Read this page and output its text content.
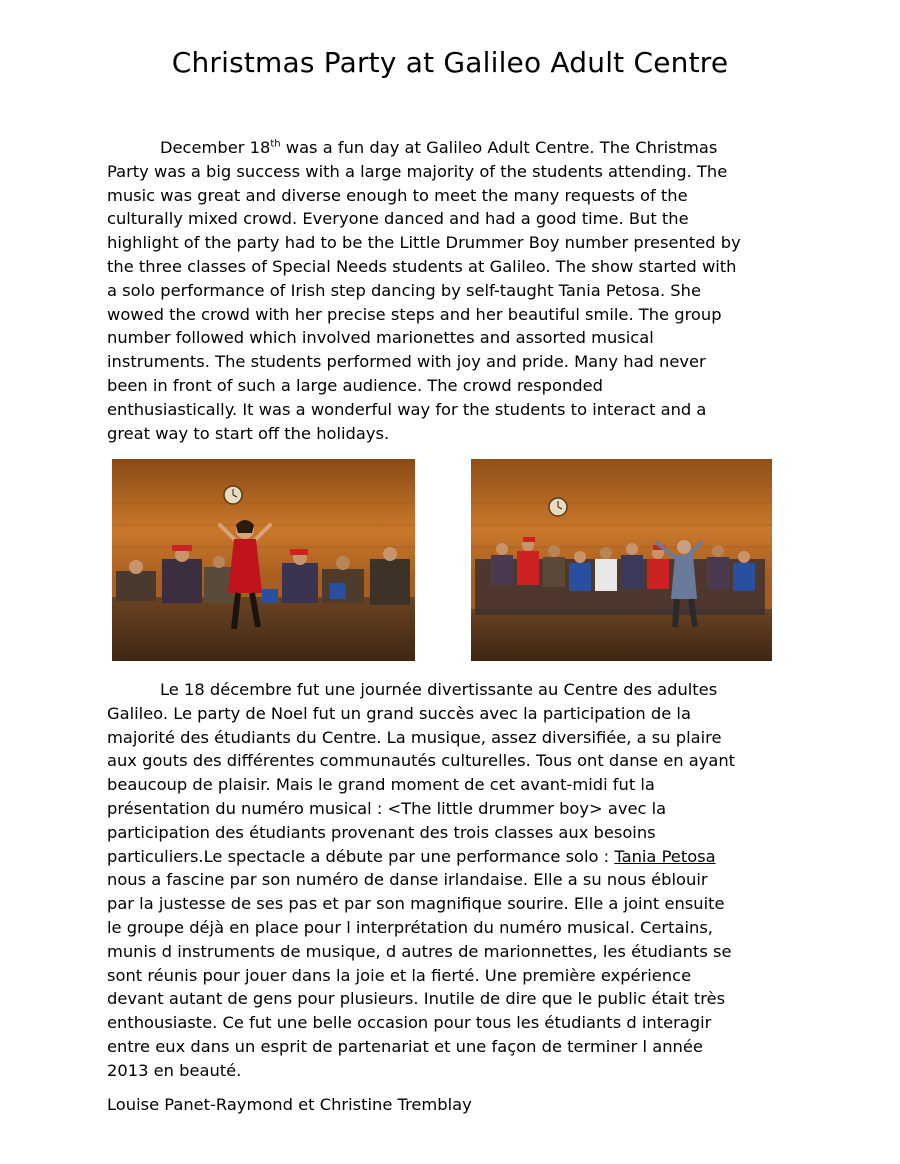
Christmas Party at Galileo Adult Centre
December 18th was a fun day at Galileo Adult Centre. The Christmas
Party was a big success with a large majority of the students attending. The
music was great and diverse enough to meet the many requests of the
culturally mixed crowd. Everyone danced and had a good time. But the
highlight of the party had to be the Little Drummer Boy number presented by
the three classes of Special Needs students at Galileo. The show started with
a solo performance of Irish step dancing by self-taught Tania Petosa. She
wowed the crowd with her precise steps and her beautiful smile. The group
number followed which involved marionettes and assorted musical
instruments. The students performed with joy and pride. Many had never
been in front of such a large audience. The crowd responded
enthusiastically. It was a wonderful way for the students to interact and a
great way to start off the holidays.
Le 18 décembre fut une journée divertissante au Centre des adultes
Galileo. Le party de Noel fut un grand succès avec la participation de la
majorité des étudiants du Centre. La musique, assez diversifiée, a su plaire
aux gouts des différentes communautés culturelles. Tous ont danse en ayant
beaucoup de plaisir. Mais le grand moment de cet avant-midi fut la
présentation du numéro musical : <The little drummer boy> avec la
participation des étudiants provenant des trois classes aux besoins
particuliers.Le spectacle a débute par une performance solo : Tania Petosa
nous a fascine par son numéro de danse irlandaise. Elle a su nous éblouir
par la justesse de ses pas et par son magnifique sourire. Elle a joint ensuite
le groupe déjà en place pour l interprétation du numéro musical. Certains,
munis d instruments de musique, d autres de marionnettes, les étudiants se
sont réunis pour jouer dans la joie et la fierté. Une première expérience
devant autant de gens pour plusieurs. Inutile de dire que le public était très
enthousiaste. Ce fut une belle occasion pour tous les étudiants d interagir
entre eux dans un esprit de partenariat et une façon de terminer l année
2013 en beauté.
Louise Panet-Raymond et Christine Tremblay
